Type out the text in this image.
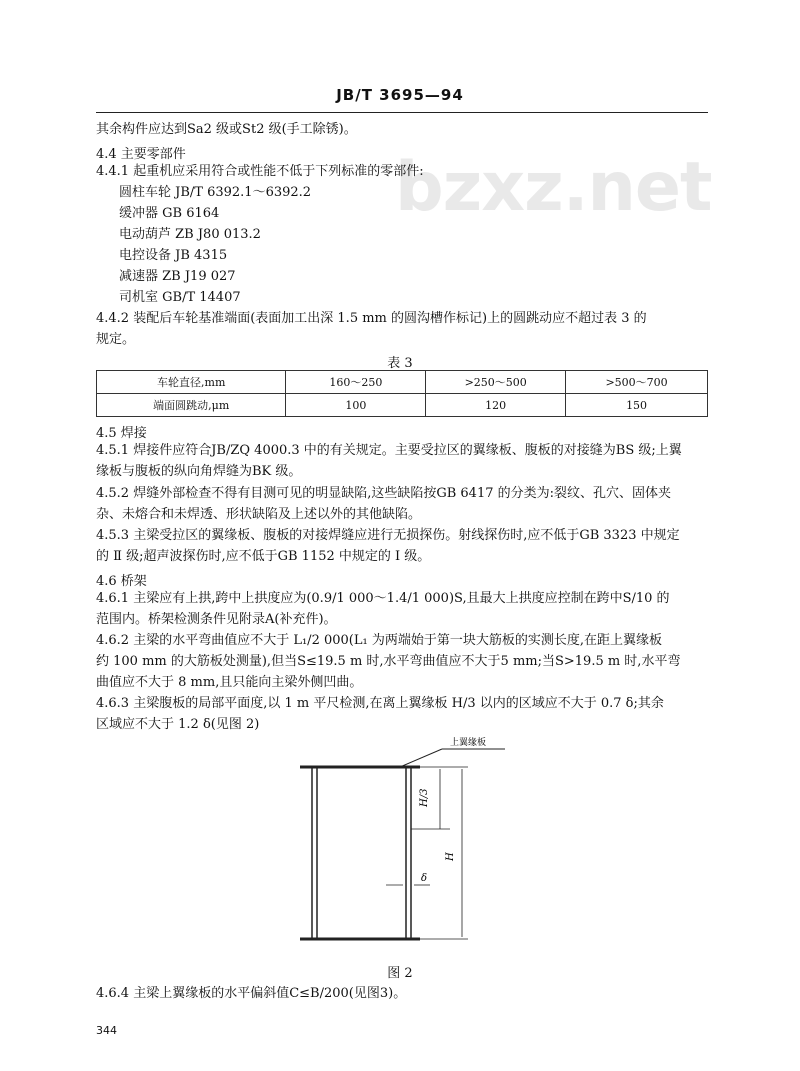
JB/T 3695—94
bzxz.net
其余构件应达到Sa2 级或St2 级(手工除锈)。
4.4 主要零部件
4.4.1 起重机应采用符合或性能不低于下列标准的零部件:
圆柱车轮 JB/T 6392.1～6392.2
缓冲器 GB 6164
电动葫芦 ZB J80 013.2
电控设备 JB 4315
减速器 ZB J19 027
司机室 GB/T 14407
4.4.2 装配后车轮基准端面(表面加工出深 1.5 mm 的圆沟槽作标记)上的圆跳动应不超过表 3 的
规定。
表 3
车轮直径,mm	160～250	>250～500	>500～700
端面圆跳动,μm	100	120	150
4.5 焊接
4.5.1 焊接件应符合JB/ZQ 4000.3 中的有关规定。主要受拉区的翼缘板、腹板的对接缝为BS 级;上翼
缘板与腹板的纵向角焊缝为BK 级。
4.5.2 焊缝外部检查不得有目测可见的明显缺陷,这些缺陷按GB 6417 的分类为:裂纹、孔穴、固体夹
杂、未熔合和未焊透、形状缺陷及上述以外的其他缺陷。
4.5.3 主梁受拉区的翼缘板、腹板的对接焊缝应进行无损探伤。射线探伤时,应不低于GB 3323 中规定
的 Ⅱ 级;超声波探伤时,应不低于GB 1152 中规定的 Ⅰ 级。
4.6 桥架
4.6.1 主梁应有上拱,跨中上拱度应为(0.9/1 000～1.4/1 000)S,且最大上拱度应控制在跨中S/10 的
范围内。桥架检测条件见附录A(补充件)。
4.6.2 主梁的水平弯曲值应不大于 L₁/2 000(L₁ 为两端始于第一块大筋板的实测长度,在距上翼缘板
约 100 mm 的大筋板处测量),但当S≤19.5 m 时,水平弯曲值应不大于5 mm;当S>19.5 m 时,水平弯
曲值应不大于 8 mm,且只能向主梁外侧凹曲。
4.6.3 主梁腹板的局部平面度,以 1 m 平尺检测,在离上翼缘板 H/3 以内的区域应不大于 0.7 δ;其余
区域应不大于 1.2 δ(见图 2)
上翼缘板
H/3
H
δ
图 2
4.6.4 主梁上翼缘板的水平偏斜值C≤B/200(见图3)。
344
